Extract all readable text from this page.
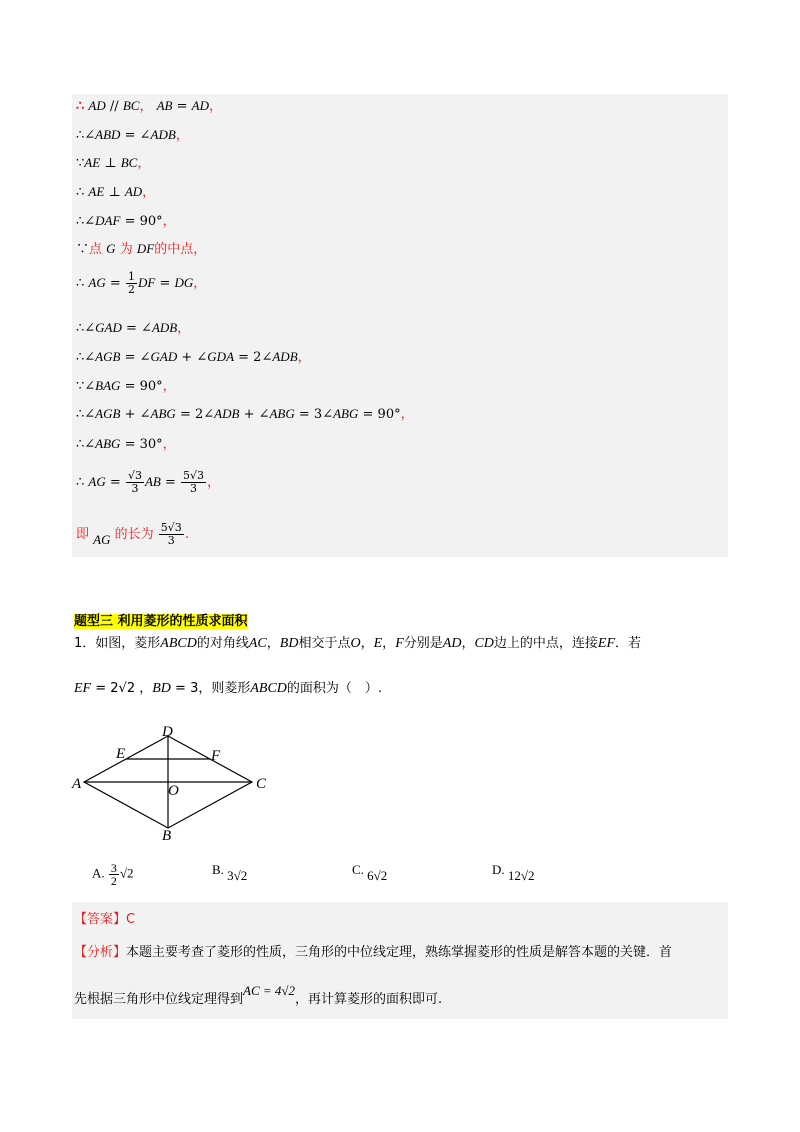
∴ AD // BC， AB = AD，
∴∠ABD = ∠ADB，
∵AE ⊥ BC，
∴ AE ⊥ AD，
∴∠DAF = 90°，
∵点 G 为 DF的中点，
∴ AG = $\frac{1}{2}$ DF = DG，
∴∠GAD = ∠ADB，
∴∠AGB = ∠GAD + ∠GDA = 2∠ADB，
∵∠BAG = 90°，
∴∠AGB + ∠ABG = 2∠ADB + ∠ABG = 3∠ABG = 90°，
∴∠ABG = 30°，
∴ AG = $\frac{√3}{3}$ AB = $\frac{5√3}{3}$ ，
即 AG 的长为 $\frac{5√3}{3}$ .
题型三 利用菱形的性质求面积
1．如图，菱形ABCD的对角线AC，BD相交于点O，E，F分别是AD，CD边上的中点，连接EF．若
EF = 2√2 ，BD = 3，则菱形ABCD的面积为（　）.
A
B
C
D
E	F
O
A. $\frac{3}{2} √2$	B. 3√2	C. 6√2	D. 12√2
【答案】C
【分析】本题主要考查了菱形的性质，三角形的中位线定理，熟练掌握菱形的性质是解答本题的关键．首
先根据三角形中位线定理得到AC = 4√2，再计算菱形的面积即可.
